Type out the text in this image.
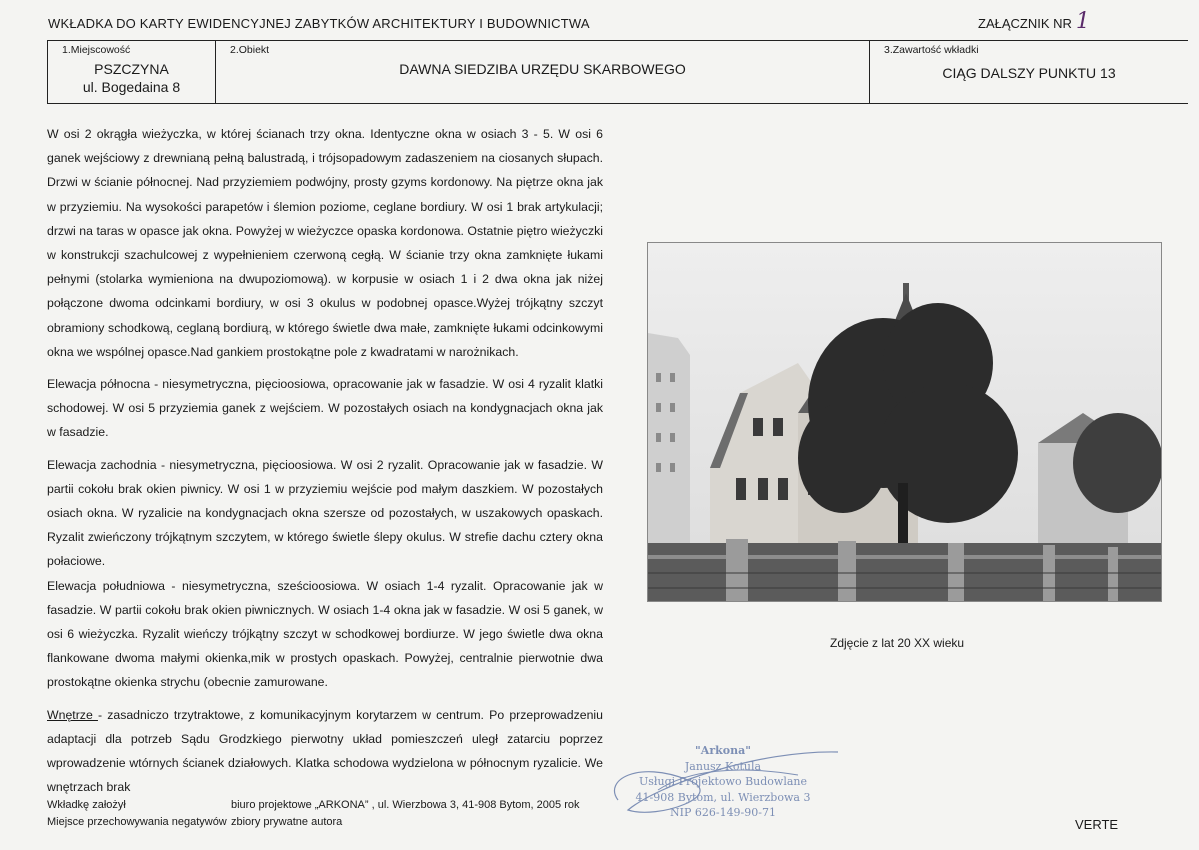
WKŁADKA DO KARTY EWIDENCYJNEJ ZABYTKÓW ARCHITEKTURY I BUDOWNICTWA	ZAŁĄCZNIK NR 1
1.Miejscowość
PSZCZYNA
ul. Bogedaina 8
2.Obiekt
DAWNA SIEDZIBA URZĘDU SKARBOWEGO
3.Zawartość wkładki
CIĄG DALSZY PUNKTU 13

W osi 2 okrągła wieżyczka, w której ścianach trzy okna. Identyczne okna w osiach 3 - 5. W osi 6 ganek wejściowy z drewnianą pełną balustradą, i trójsopadowym zadaszeniem na ciosanych słupach. Drzwi w ścianie północnej. Nad przyziemiem podwójny, prosty gzyms kordonowy. Na piętrze okna jak w przyziemiu. Na wysokości parapetów i ślemion poziome, ceglane bordiury. W osi 1 brak artykulacji; drzwi na taras w opasce jak okna. Powyżej w wieżyczce opaska kordonowa. Ostatnie piętro wieżyczki w konstrukcji szachulcowej z wypełnieniem czerwoną cegłą. W ścianie trzy okna zamknięte łukami pełnymi (stolarka wymieniona na dwupoziomową). w korpusie w osiach 1 i 2 dwa okna jak niżej połączone dwoma odcinkami bordiury, w osi 3 okulus w podobnej opasce.Wyżej trójkątny szczyt obramiony schodkową, ceglaną bordiurą, w którego świetle dwa małe, zamknięte łukami odcinkowymi okna we wspólnej opasce.Nad gankiem prostokątne pole z kwadratami w narożnikach.

Elewacja północna - niesymetryczna, pięcioosiowa, opracowanie jak w fasadzie. W osi 4 ryzalit klatki schodowej. W osi 5 przyziemia ganek z wejściem. W pozostałych osiach na kondygnacjach okna jak w fasadzie.

Elewacja zachodnia - niesymetryczna, pięcioosiowa. W osi 2 ryzalit. Opracowanie jak w fasadzie. W partii cokołu brak okien piwnicy. W osi 1 w przyziemiu wejście pod małym daszkiem. W pozostałych osiach okna. W ryzalicie na kondygnacjach okna szersze od pozostałych, w uszakowych opaskach. Ryzalit zwieńczony trójkątnym szczytem, w którego świetle ślepy okulus. W strefie dachu cztery okna połaciowe.

Elewacja południowa - niesymetryczna, sześcioosiowa. W osiach 1-4 ryzalit. Opracowanie jak w fasadzie. W partii cokołu brak okien piwnicznych. W osiach 1-4 okna jak w fasadzie. W osi 5 ganek, w osi 6 wieżyczka. Ryzalit wieńczy trójkątny szczyt w schodkowej bordiurze. W jego świetle dwa okna flankowane dwoma małymi okienka,mik w prostych opaskach. Powyżej, centralnie pierwotnie dwa prostokątne okienka strychu (obecnie zamurowane.

Wnętrze - zasadniczo trzytraktowe, z komunikacyjnym korytarzem w centrum. Po przeprowadzeniu adaptacji dla potrzeb Sądu Grodzkiego pierwotny układ pomieszczeń uległ zatarciu poprzez wprowadzenie wtórnych ścianek działowych. Klatka schodowa wydzielona w północnym ryzalicie. We wnętrzach brak

Zdjęcie z lat 20 XX wieku
"Arkona"
Janusz Kotula
Usługi Projektowo Budowlane
41-908 Bytom, ul. Wierzbowa 3
NIP 626-149-90-71
Wkładkę założył
Miejsce przechowywania negatywów
biuro projektowe „ARKONA” , ul. Wierzbowa 3, 41-908 Bytom, 2005 rok
zbiory prywatne autora	VERTE
